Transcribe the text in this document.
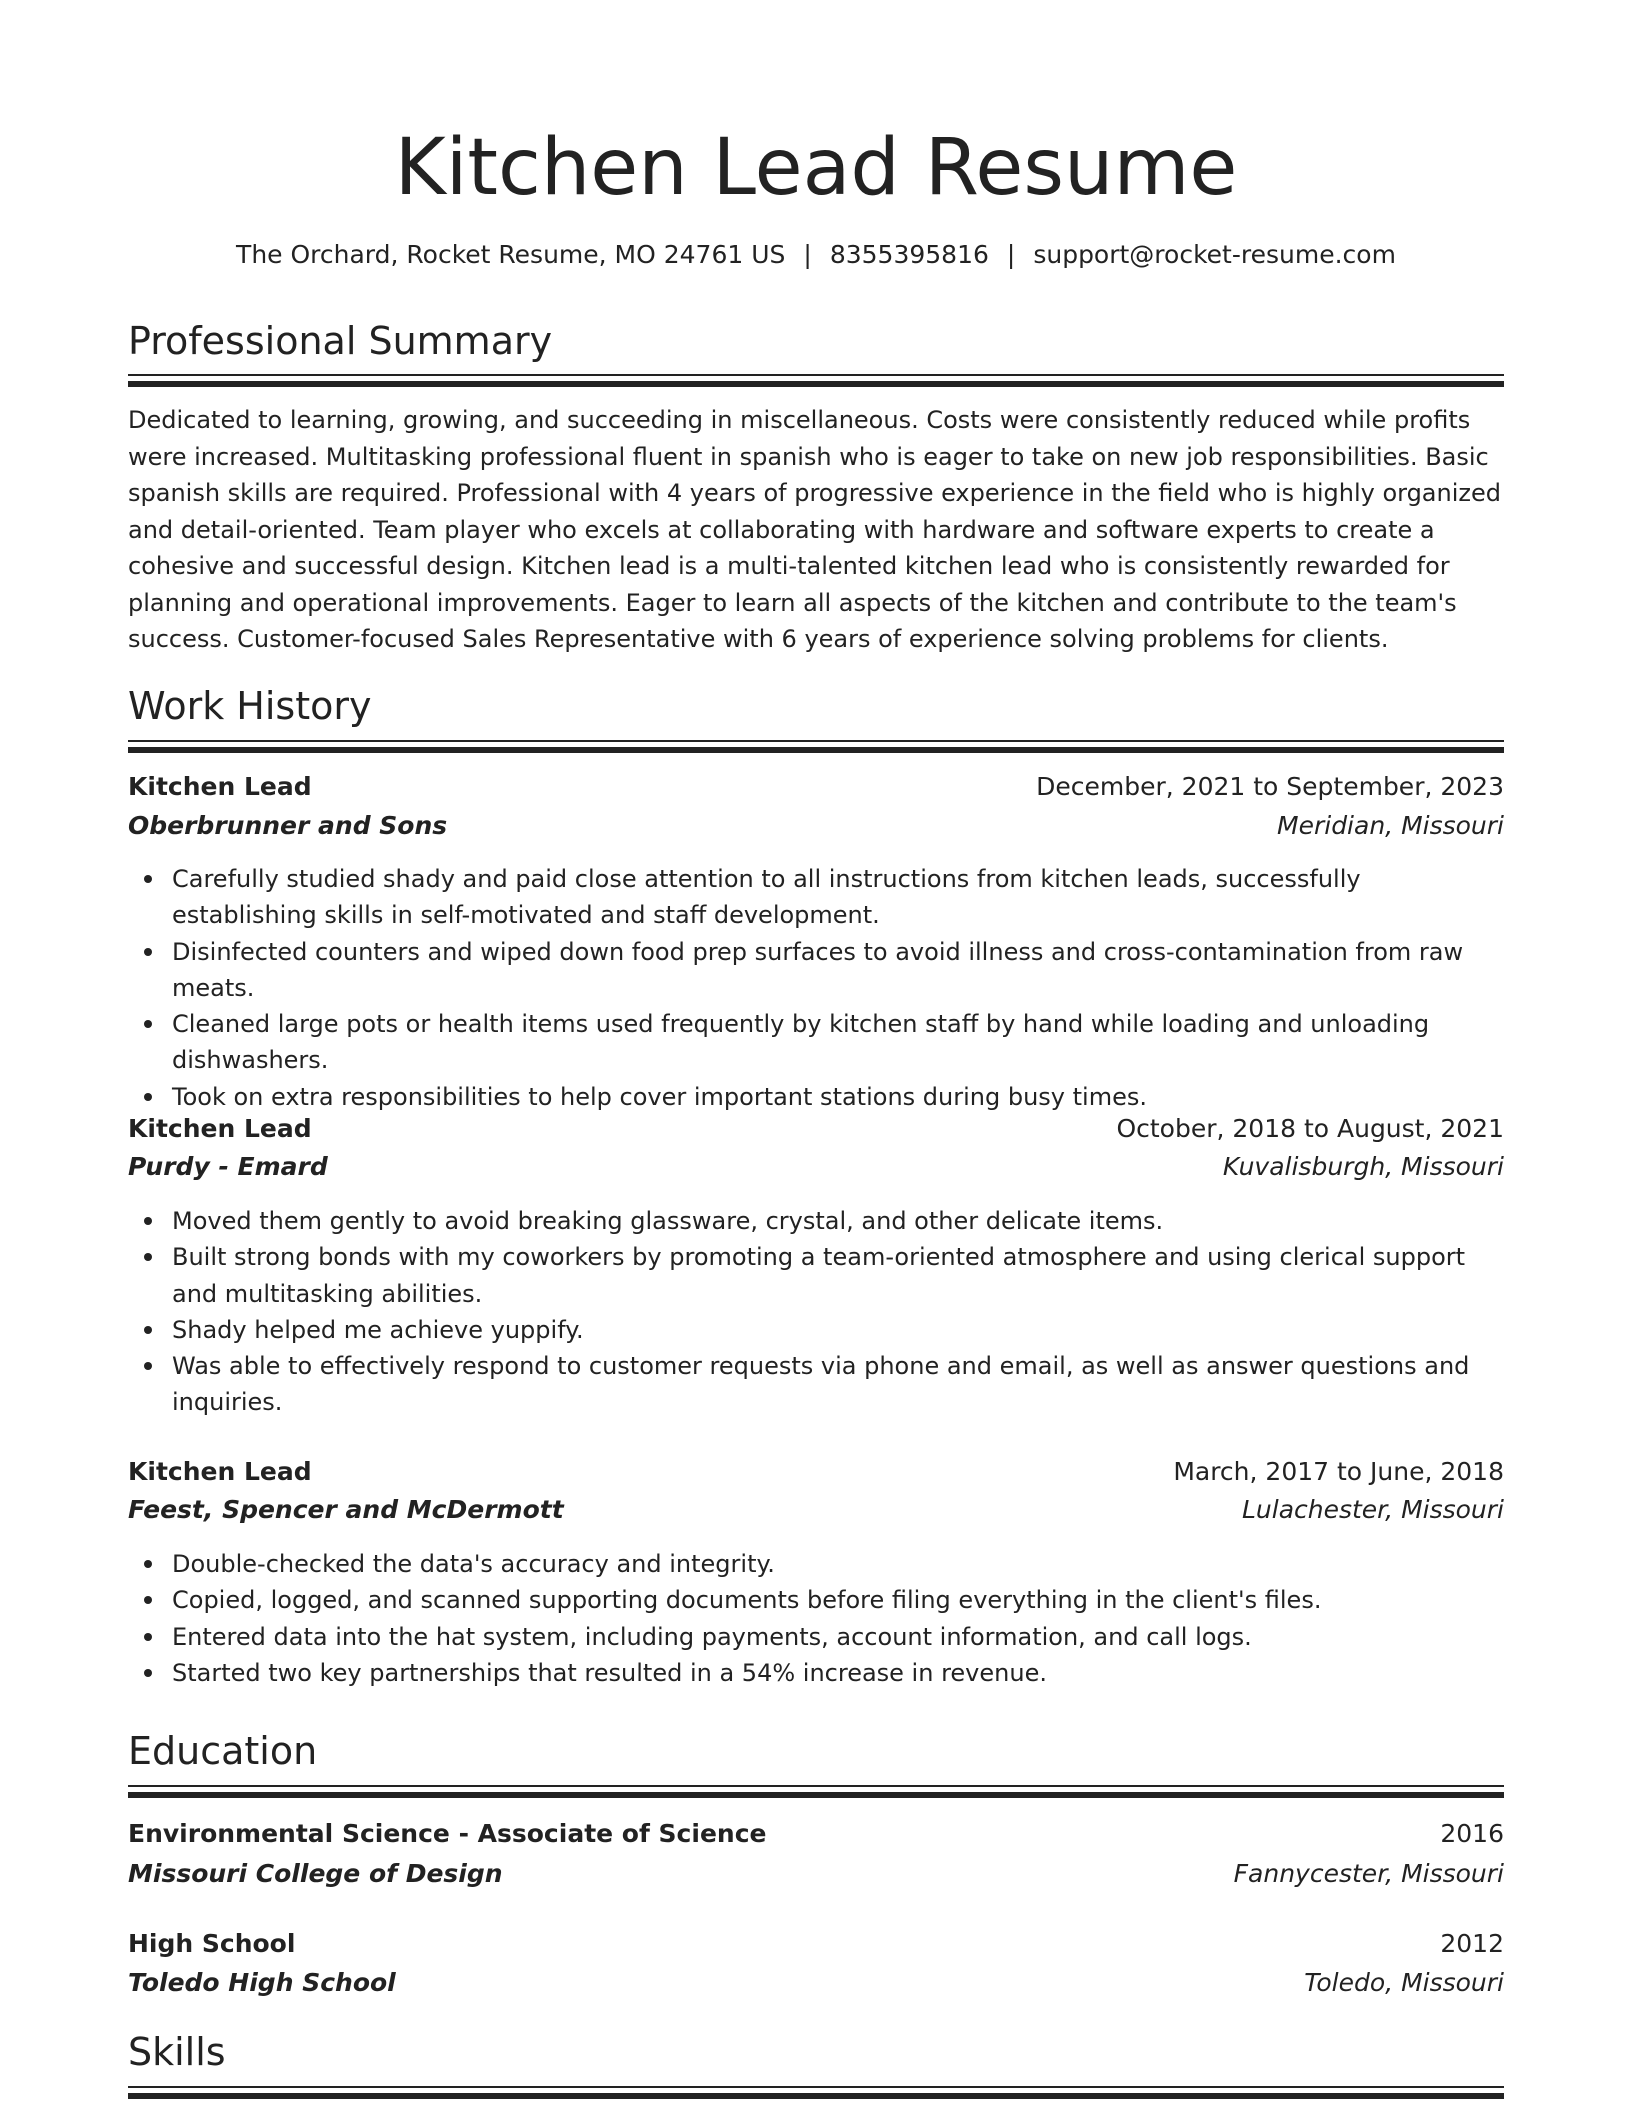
Kitchen Lead Resume
The Orchard, Rocket Resume, MO 24761 US | 8355395816 | support@rocket-resume.com
Professional Summary

Dedicated to learning, growing, and succeeding in miscellaneous. Costs were consistently reduced while profits were increased. Multitasking professional fluent in spanish who is eager to take on new job responsibilities. Basic spanish skills are required. Professional with 4 years of progressive experience in the field who is highly organized and detail-oriented. Team player who excels at collaborating with hardware and software experts to create a cohesive and successful design. Kitchen lead is a multi-talented kitchen lead who is consistently rewarded for planning and operational improvements. Eager to learn all aspects of the kitchen and contribute to the team's success. Customer-focused Sales Representative with 6 years of experience solving problems for clients.

Work History
Kitchen Lead	December, 2021 to September, 2023
Oberbrunner and Sons	Meridian, Missouri
Carefully studied shady and paid close attention to all instructions from kitchen leads, successfully establishing skills in self-motivated and staff development.
Disinfected counters and wiped down food prep surfaces to avoid illness and cross-contamination from raw meats.
Cleaned large pots or health items used frequently by kitchen staff by hand while loading and unloading dishwashers.
Took on extra responsibilities to help cover important stations during busy times.
Kitchen Lead	October, 2018 to August, 2021
Purdy - Emard	Kuvalisburgh, Missouri
Moved them gently to avoid breaking glassware, crystal, and other delicate items.
Built strong bonds with my coworkers by promoting a team-oriented atmosphere and using clerical support and multitasking abilities.
Shady helped me achieve yuppify.
Was able to effectively respond to customer requests via phone and email, as well as answer questions and inquiries.
Kitchen Lead	March, 2017 to June, 2018
Feest, Spencer and McDermott	Lulachester, Missouri
Double-checked the data's accuracy and integrity.
Copied, logged, and scanned supporting documents before filing everything in the client's files.
Entered data into the hat system, including payments, account information, and call logs.
Started two key partnerships that resulted in a 54% increase in revenue.
Education
Environmental Science - Associate of Science	2016
Missouri College of Design	Fannycester, Missouri
High School	2012
Toledo High School	Toledo, Missouri
Skills
